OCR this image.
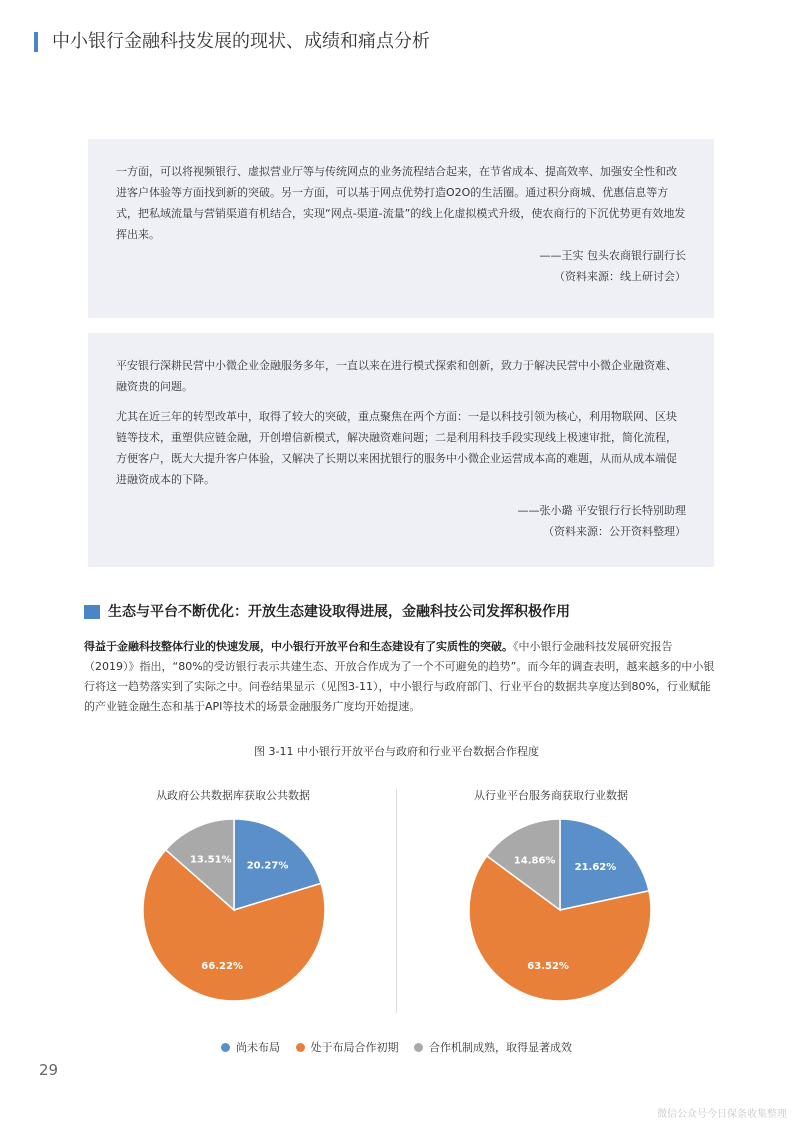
中小银行金融科技发展的现状、成绩和痛点分析

一方面，可以将视频银行、虚拟营业厅等与传统网点的业务流程结合起来，在节省成本、提高效率、加强安全性和改进客户体验等方面找到新的突破。另一方面，可以基于网点优势打造O2O的生活圈。通过积分商城、优惠信息等方式，把私域流量与营销渠道有机结合，实现“网点-渠道-流量”的线上化虚拟模式升级，使农商行的下沉优势更有效地发挥出来。

——王实 包头农商银行副行长

（资料来源：线上研讨会）

平安银行深耕民营中小微企业金融服务多年，一直以来在进行模式探索和创新，致力于解决民营中小微企业融资难、融资贵的问题。

尤其在近三年的转型改革中，取得了较大的突破，重点聚焦在两个方面：一是以科技引领为核心，利用物联网、区块链等技术，重塑供应链金融，开创增信新模式，解决融资难问题；二是利用科技手段实现线上极速审批，简化流程，方便客户，既大大提升客户体验，又解决了长期以来困扰银行的服务中小微企业运营成本高的难题，从而从成本端促进融资成本的下降。

——张小璐 平安银行行长特别助理

（资料来源：公开资料整理）

生态与平台不断优化：开放生态建设取得进展，金融科技公司发挥积极作用
得益于金融科技整体行业的快速发展，中小银行开放平台和生态建设有了实质性的突破。《中小银行金融科技发展研究报告（2019）》指出，“80%的受访银行表示共建生态、开放合作成为了一个不可避免的趋势”。而今年的调查表明，越来越多的中小银行将这一趋势落实到了实际之中。问卷结果显示（见图3-11），中小银行与政府部门、行业平台的数据共享度达到80%，行业赋能的产业链金融生态和基于API等技术的场景金融服务广度均开始提速。
图 3-11 中小银行开放平台与政府和行业平台数据合作程度
从政府公共数据库获取公共数据	从行业平台服务商获取行业数据
20.27%
66.22%
13.51%
21.62%
63.52%
14.86%
尚未布局	处于布局合作初期	合作机制成熟，取得显著成效
29
微信公众号今日保条收集整理
